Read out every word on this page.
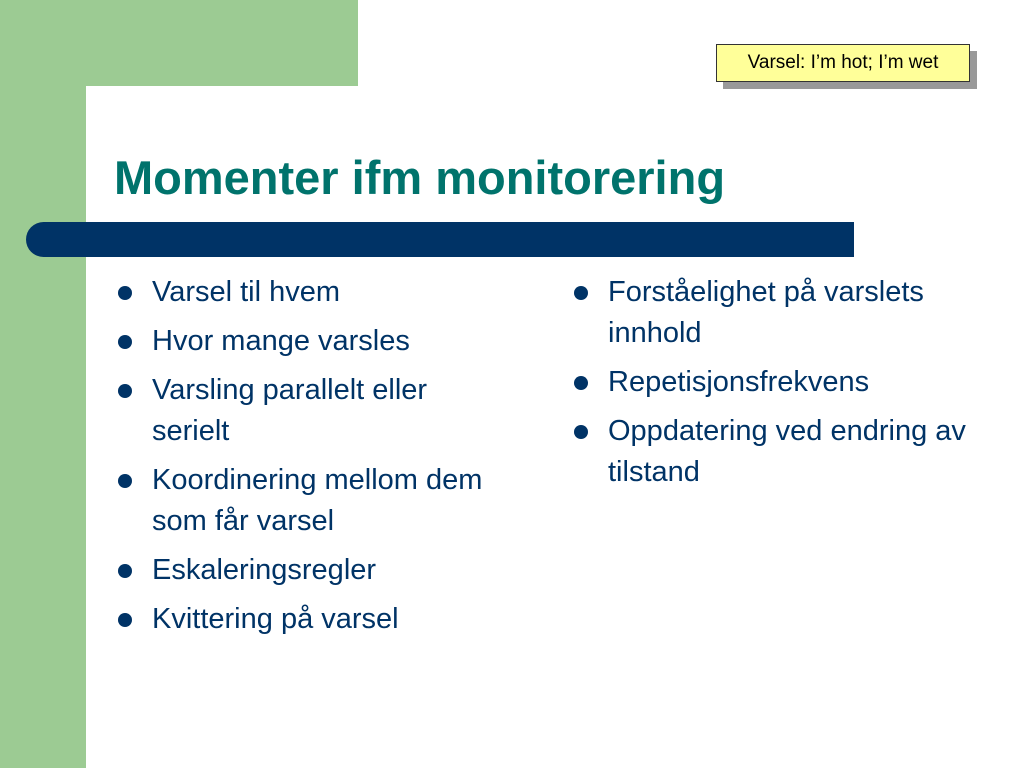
Varsel: I’m hot; I’m wet
Momenter ifm monitorering
Varsel til hvem
Hvor mange varsles
Varsling parallelt eller serielt
Koordinering mellom dem som får varsel
Eskaleringsregler
Kvittering på varsel
Forståelighet på varslets innhold
Repetisjonsfrekvens
Oppdatering ved endring av tilstand
